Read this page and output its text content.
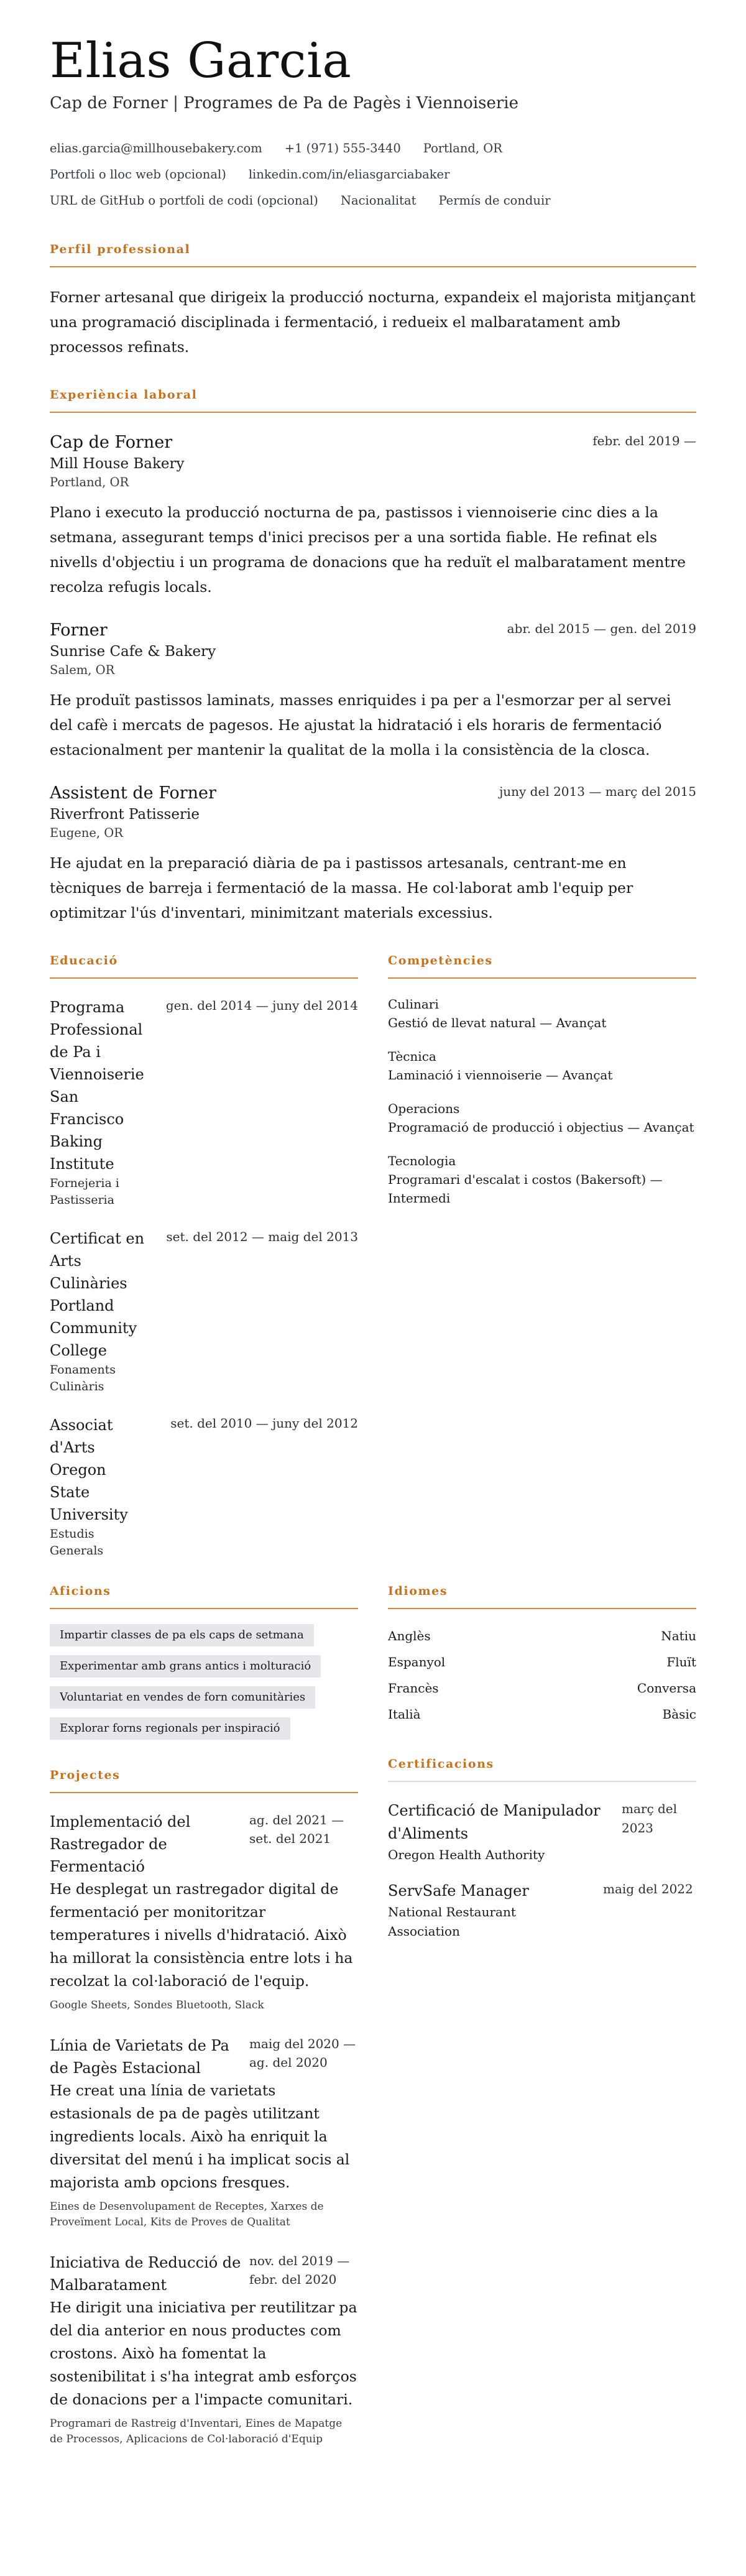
Elias Garcia
Cap de Forner | Programes de Pa de Pagès i Viennoiserie
elias.garcia@millhousebakery.com +1 (971) 555-3440 Portland, OR
Portfoli o lloc web (opcional) linkedin.com/in/eliasgarciabaker
URL de GitHub o portfoli de codi (opcional) Nacionalitat Permís de conduir
Perfil professional

Forner artesanal que dirigeix la producció nocturna, expandeix el majorista mitjançant una programació disciplinada i fermentació, i redueix el malbaratament amb processos refinats.

Experiència laboral
Cap de Forner	febr. del 2019 —
Mill House Bakery
Portland, OR

Plano i executo la producció nocturna de pa, pastissos i viennoiserie cinc dies a la setmana, assegurant temps d'inici precisos per a una sortida fiable. He refinat els nivells d'objectiu i un programa de donacions que ha reduït el malbaratament mentre recolza refugis locals.

Forner	abr. del 2015 — gen. del 2019
Sunrise Cafe & Bakery
Salem, OR

He produït pastissos laminats, masses enriquides i pa per a l'esmorzar per al servei del cafè i mercats de pagesos. He ajustat la hidratació i els horaris de fermentació estacionalment per mantenir la qualitat de la molla i la consistència de la closca.

Assistent de Forner	juny del 2013 — març del 2015
Riverfront Patisserie
Eugene, OR

He ajudat en la preparació diària de pa i pastissos artesanals, centrant-me en tècniques de barreja i fermentació de la massa. He col·laborat amb l'equip per optimitzar l'ús d'inventari, minimitzant materials excessius.

Educació
Programa Professional de Pa i Viennoiserie San Francisco Baking Institute
gen. del 2014 — juny del 2014
Fornejeria i Pastisseria
Certificat en Arts Culinàries Portland Community College
set. del 2012 — maig del 2013
Fonaments Culinàris
Associat d'Arts Oregon State University
set. del 2010 — juny del 2012
Estudis Generals
Competències
Culinari
Gestió de llevat natural — Avançat
Tècnica
Laminació i viennoiserie — Avançat
Operacions
Programació de producció i objectius — Avançat
Tecnologia
Programari d'escalat i costos (Bakersoft) — Intermedi
Aficions
Impartir classes de pa els caps de setmana
Experimentar amb grans antics i molturació
Voluntariat en vendes de forn comunitàries
Explorar forns regionals per inspiració
Projectes
Implementació del Rastregador de Fermentació
ag. del 2021 — set. del 2021

He desplegat un rastregador digital de fermentació per monitoritzar temperatures i nivells d'hidratació. Això ha millorat la consistència entre lots i ha recolzat la col·laboració de l'equip.

Google Sheets, Sondes Bluetooth, Slack
Línia de Varietats de Pa de Pagès Estacional
maig del 2020 — ag. del 2020

He creat una línia de varietats estasionals de pa de pagès utilitzant ingredients locals. Això ha enriquit la diversitat del menú i ha implicat socis al majorista amb opcions fresques.

Eines de Desenvolupament de Receptes, Xarxes de Proveïment Local, Kits de Proves de Qualitat
Iniciativa de Reducció de Malbaratament
nov. del 2019 — febr. del 2020

He dirigit una iniciativa per reutilitzar pa del dia anterior en nous productes com crostons. Això ha fomentat la sostenibilitat i s'ha integrat amb esforços de donacions per a l'impacte comunitari.

Programari de Rastreig d'Inventari, Eines de Mapatge de Processos, Aplicacions de Col·laboració d'Equip
Idiomes
Anglès	Natiu
Espanyol	Fluït
Francès	Conversa
Italià	Bàsic
Certificacions
Certificació de Manipulador d'Aliments
Oregon Health Authority
març del 2023
ServSafe Manager
National Restaurant Association
maig del 2022
